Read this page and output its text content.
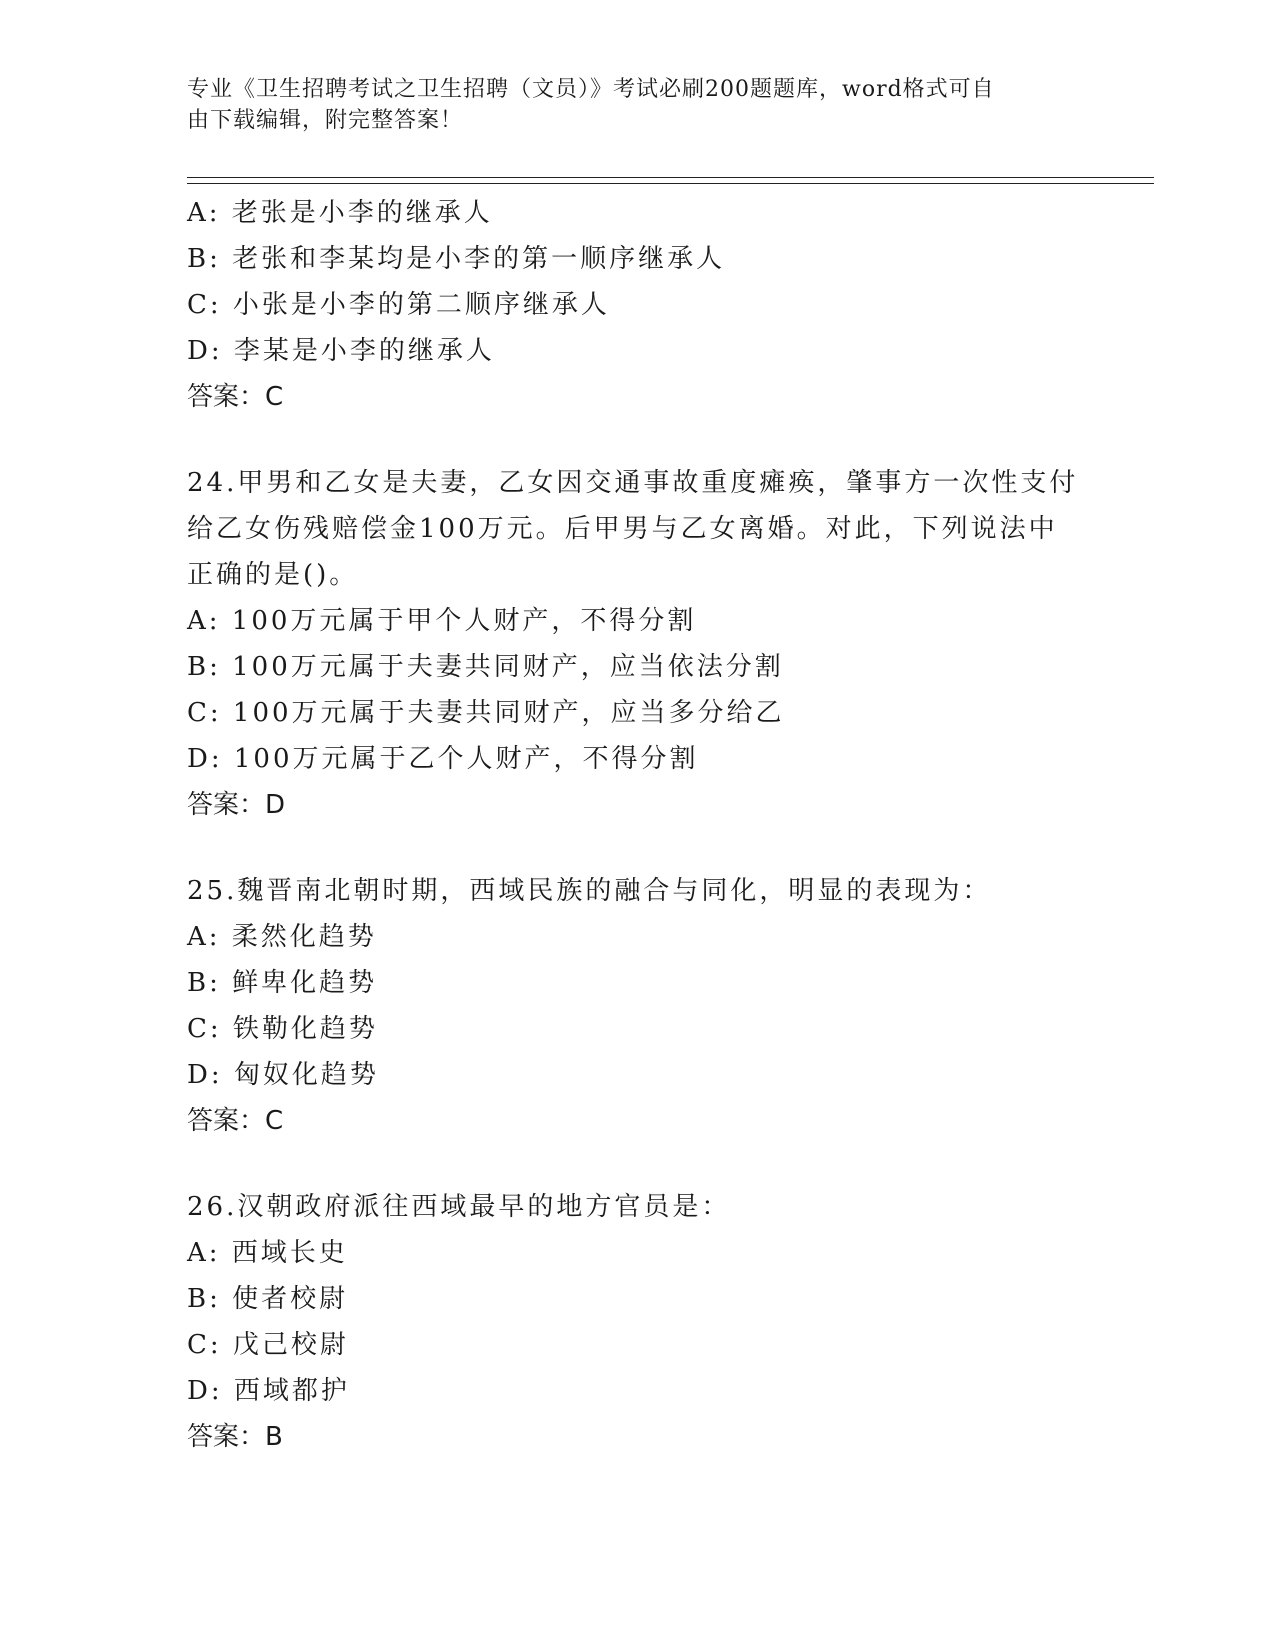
专业《卫生招聘考试之卫生招聘（文员）》考试必刷200题题库，word格式可自
由下载编辑，附完整答案！
A: 老张是小李的继承人
B: 老张和李某均是小李的第一顺序继承人
C: 小张是小李的第二顺序继承人
D: 李某是小李的继承人
答案：C
24.甲男和乙女是夫妻，乙女因交通事故重度瘫痪，肇事方一次性支付
给乙女伤残赔偿金100万元。后甲男与乙女离婚。对此，下列说法中
正确的是()。
A: 100万元属于甲个人财产，不得分割
B: 100万元属于夫妻共同财产，应当依法分割
C: 100万元属于夫妻共同财产，应当多分给乙
D: 100万元属于乙个人财产，不得分割
答案：D
25.魏晋南北朝时期，西域民族的融合与同化，明显的表现为：
A: 柔然化趋势
B: 鲜卑化趋势
C: 铁勒化趋势
D: 匈奴化趋势
答案：C
26.汉朝政府派往西域最早的地方官员是：
A: 西域长史
B: 使者校尉
C: 戊己校尉
D: 西域都护
答案：B
